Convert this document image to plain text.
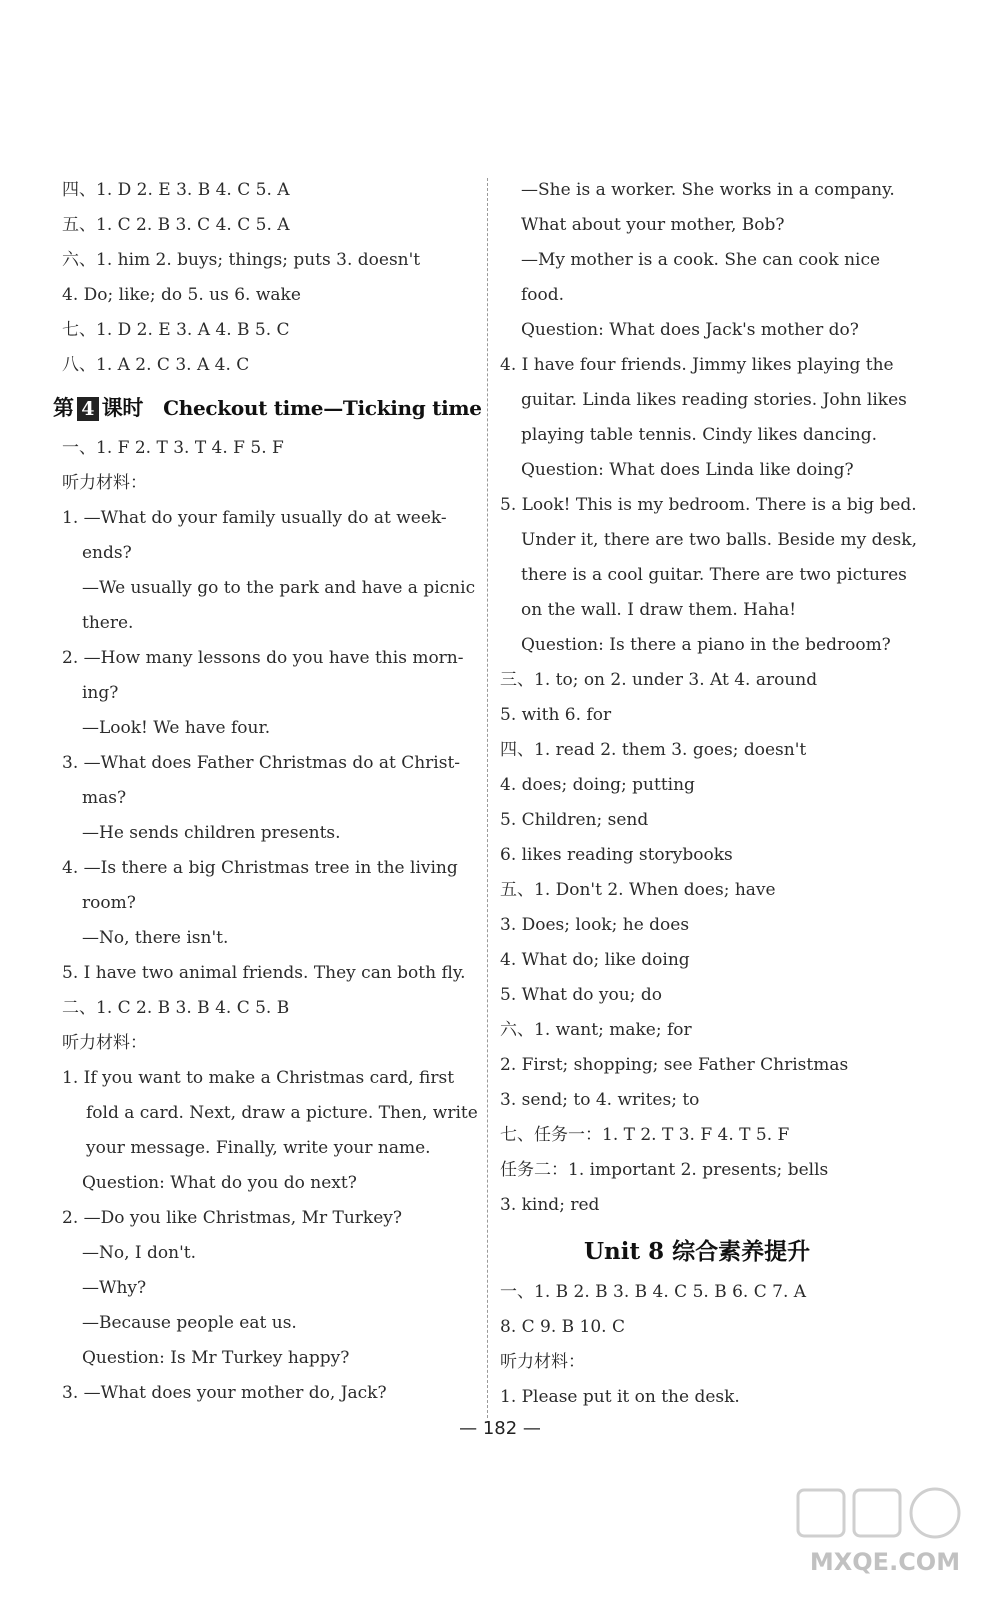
四、1. D 2. E 3. B 4. C 5. A
五、1. C 2. B 3. C 4. C 5. A
六、1. him 2. buys; things; puts 3. doesn't
4. Do; like; do 5. us 6. wake
七、1. D 2. E 3. A 4. B 5. C
八、1. A 2. C 3. A 4. C
一、1. F 2. T 3. T 4. F 5. F
听力材料：
1. —What do your family usually do at week-
ends?
—We usually go to the park and have a picnic
there.
2. —How many lessons do you have this morn-
ing?
—Look! We have four.
3. —What does Father Christmas do at Christ-
mas?
—He sends children presents.
4. —Is there a big Christmas tree in the living
room?
—No, there isn't.
5. I have two animal friends. They can both fly.
二、1. C 2. B 3. B 4. C 5. B
听力材料：
1. If you want to make a Christmas card, first
fold a card. Next, draw a picture. Then, write
your message. Finally, write your name.
Question: What do you do next?
2. —Do you like Christmas, Mr Turkey?
—No, I don't.
—Why?
—Because people eat us.
Question: Is Mr Turkey happy?
3. —What does your mother do, Jack?
—She is a worker. She works in a company.
What about your mother, Bob?
—My mother is a cook. She can cook nice
food.
Question: What does Jack's mother do?
4. I have four friends. Jimmy likes playing the
guitar. Linda likes reading stories. John likes
playing table tennis. Cindy likes dancing.
Question: What does Linda like doing?
5. Look! This is my bedroom. There is a big bed.
Under it, there are two balls. Beside my desk,
there is a cool guitar. There are two pictures
on the wall. I draw them. Haha!
Question: Is there a piano in the bedroom?
三、1. to; on 2. under 3. At 4. around
5. with 6. for
四、1. read 2. them 3. goes; doesn't
4. does; doing; putting
5. Children; send
6. likes reading storybooks
五、1. Don't 2. When does; have
3. Does; look; he does
4. What do; like doing
5. What do you; do
六、1. want; make; for
2. First; shopping; see Father Christmas
3. send; to 4. writes; to
七、任务一：1. T 2. T 3. F 4. T 5. F
任务二：1. important 2. presents; bells
3. kind; red
一、1. B 2. B 3. B 4. C 5. B 6. C 7. A
8. C 9. B 10. C
听力材料：
1. Please put it on the desk.
第 4 课时 Checkout time—Ticking time
Unit 8 综合素养提升
— 182 —
MXQE.COM
